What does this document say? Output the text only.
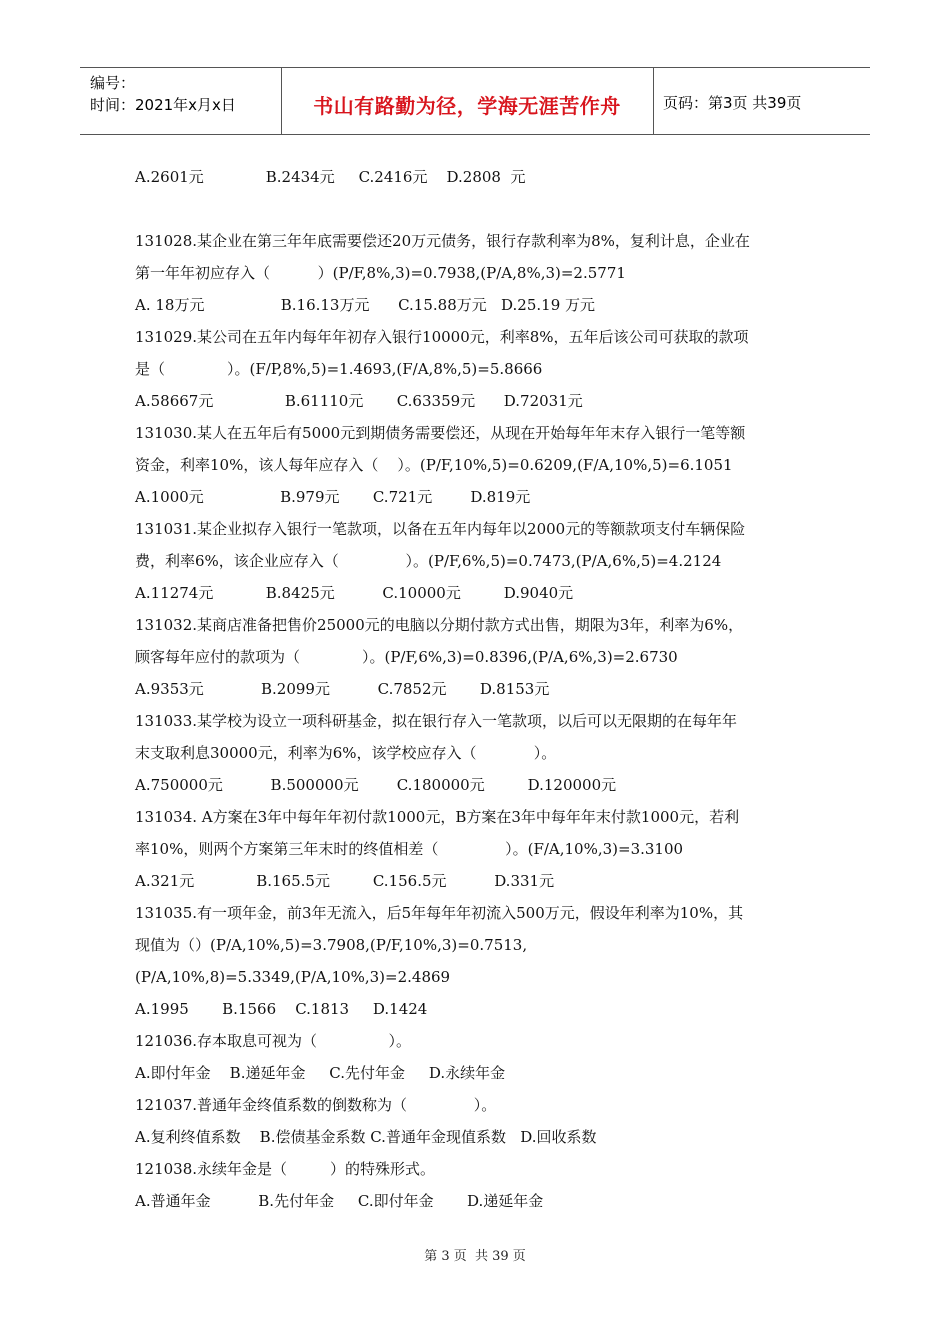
编号：
时间：2021年x月x日	书山有路勤为径，学海无涯苦作舟	页码：第3页 共39页
A.2601元             B.2434元     C.2416元    D.2808  元
131028.某企业在第三年年底需要偿还20万元债务，银行存款利率为8%，复利计息，企业在
第一年年初应存入（          ）(P/F,8%,3)=0.7938,(P/A,8%,3)=2.5771
A. 18万元                B.16.13万元      C.15.88万元   D.25.19 万元
131029.某公司在五年内每年年初存入银行10000元，利率8%，五年后该公司可获取的款项
是（             ）。(F/P,8%,5)=1.4693,(F/A,8%,5)=5.8666
A.58667元               B.61110元       C.63359元      D.72031元
131030.某人在五年后有5000元到期债务需要偿还，从现在开始每年年末存入银行一笔等额
资金，利率10%，该人每年应存入（    ）。(P/F,10%,5)=0.6209,(F/A,10%,5)=6.1051
A.1000元                B.979元       C.721元        D.819元
131031.某企业拟存入银行一笔款项，以备在五年内每年以2000元的等额款项支付车辆保险
费，利率6%，该企业应存入（              ）。(P/F,6%,5)=0.7473,(P/A,6%,5)=4.2124
A.11274元           B.8425元          C.10000元         D.9040元
131032.某商店准备把售价25000元的电脑以分期付款方式出售，期限为3年，利率为6%，
顾客每年应付的款项为（             ）。(P/F,6%,3)=0.8396,(P/A,6%,3)=2.6730
A.9353元            B.2099元          C.7852元       D.8153元
131033.某学校为设立一项科研基金，拟在银行存入一笔款项，以后可以无限期的在每年年
末支取利息30000元，利率为6%，该学校应存入（            ）。
A.750000元          B.500000元        C.180000元         D.120000元
131034. A方案在3年中每年年初付款1000元，B方案在3年中每年年末付款1000元，若利
率10%，则两个方案第三年末时的终值相差（              ）。(F/A,10%,3)=3.3100
A.321元             B.165.5元         C.156.5元          D.331元
131035.有一项年金，前3年无流入，后5年每年年初流入500万元，假设年利率为10%，其
现值为（）(P/A,10%,5)=3.7908,(P/F,10%,3)=0.7513,
(P/A,10%,8)=5.3349,(P/A,10%,3)=2.4869
A.1995       B.1566    C.1813     D.1424
121036.存本取息可视为（               ）。
A.即付年金    B.递延年金     C.先付年金     D.永续年金
121037.普通年金终值系数的倒数称为（              ）。
A.复利终值系数    B.偿债基金系数 C.普通年金现值系数   D.回收系数
121038.永续年金是（         ）的特殊形式。
A.普通年金          B.先付年金     C.即付年金       D.递延年金
第 3 页  共 39 页
